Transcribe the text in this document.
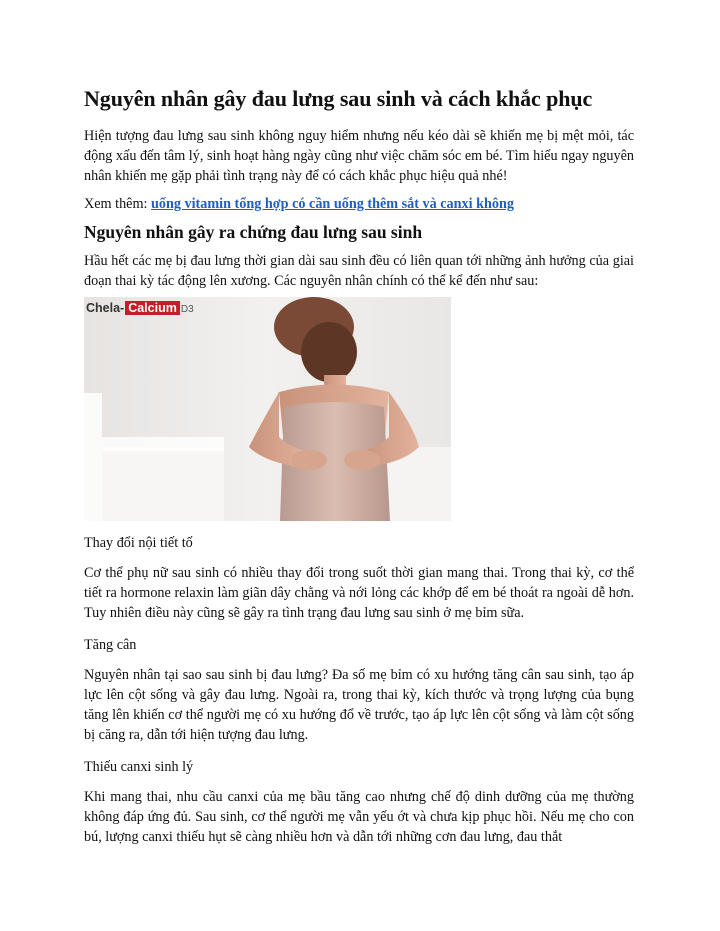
Nguyên nhân gây đau lưng sau sinh và cách khắc phục

Hiện tượng đau lưng sau sinh không nguy hiểm nhưng nếu kéo dài sẽ khiến mẹ bị mệt mỏi, tác động xấu đến tâm lý, sinh hoạt hàng ngày cũng như việc chăm sóc em bé. Tìm hiểu ngay nguyên nhân khiến mẹ gặp phải tình trạng này để có cách khắc phục hiệu quả nhé!

Xem thêm: uống vitamin tổng hợp có cần uống thêm sắt và canxi không

Nguyên nhân gây ra chứng đau lưng sau sinh

Hầu hết các mẹ bị đau lưng thời gian dài sau sinh đều có liên quan tới những ảnh hưởng của giai đoạn thai kỳ tác động lên xương. Các nguyên nhân chính có thể kể đến như sau:

Chela- Calcium D3

Thay đổi nội tiết tố

Cơ thể phụ nữ sau sinh có nhiều thay đổi trong suốt thời gian mang thai. Trong thai kỳ, cơ thể tiết ra hormone relaxin làm giãn dây chằng và nới lỏng các khớp để em bé thoát ra ngoài dễ hơn. Tuy nhiên điều này cũng sẽ gây ra tình trạng đau lưng sau sinh ở mẹ bỉm sữa.

Tăng cân

Nguyên nhân tại sao sau sinh bị đau lưng? Đa số mẹ bỉm có xu hướng tăng cân sau sinh, tạo áp lực lên cột sống và gây đau lưng. Ngoài ra, trong thai kỳ, kích thước và trọng lượng của bụng tăng lên khiến cơ thể người mẹ có xu hướng đổ về trước, tạo áp lực lên cột sống và làm cột sống bị căng ra, dẫn tới hiện tượng đau lưng.

Thiếu canxi sinh lý

Khi mang thai, nhu cầu canxi của mẹ bầu tăng cao nhưng chế độ dinh dưỡng của mẹ thường không đáp ứng đủ. Sau sinh, cơ thể người mẹ vẫn yếu ớt và chưa kịp phục hồi. Nếu mẹ cho con bú, lượng canxi thiếu hụt sẽ càng nhiều hơn và dẫn tới những cơn đau lưng, đau thắt
